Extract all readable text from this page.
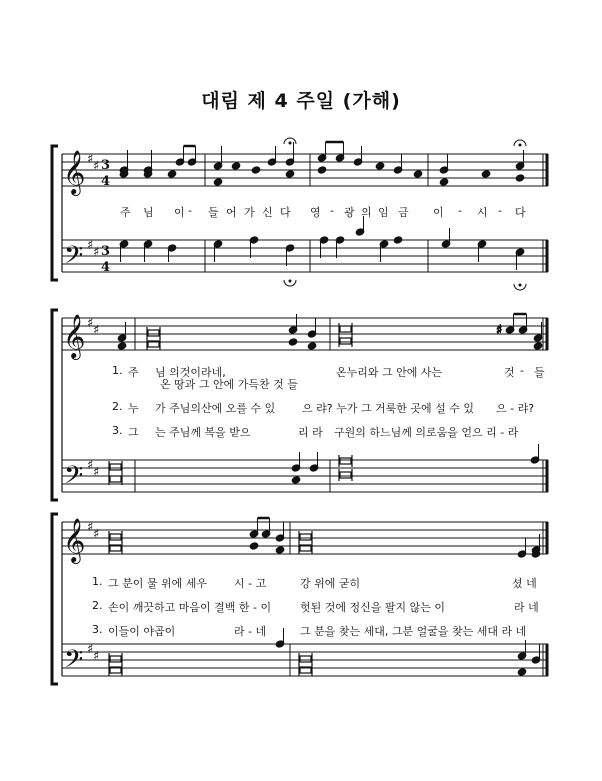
대림 제 4 주일 (가해)
𝄞
𝄢
♯ ♯
♯ ♯
3
4
3
4
𝄞
𝄢
♯ ♯
♯ ♯
♯
𝄞
𝄢
♯ ♯
♯ ♯
주 님 이 - 들 어 가 신 다 영 - 광 의 임 금 이 - 시 - 다
1. 주 님 의것이라네,	온누리와 그 안에 사는	것 - 들
온 땅과 그 안에 가득찬 것 들
2. 누 가 주님의산에 오를 수 있 으 랴? 누가 그 거룩한 곳에 설 수 있 으 - 랴?
3. 그 는 주님께 복을 받으	리 라 구원의 하느님께 의로움을 얻으 리 - 라
1. 그 분이 물 위에 세우 시 - 고	강 위에 굳히	셨 네
2. 손이 깨끗하고 마음이 결백 한 - 이	헛된 것에 정신을 팔지 않는 이	라 네
3. 이들이 야곱이	라 - 네	그 분을 찾는 세대, 그분 얼굴을 찾는 세대 라 네
